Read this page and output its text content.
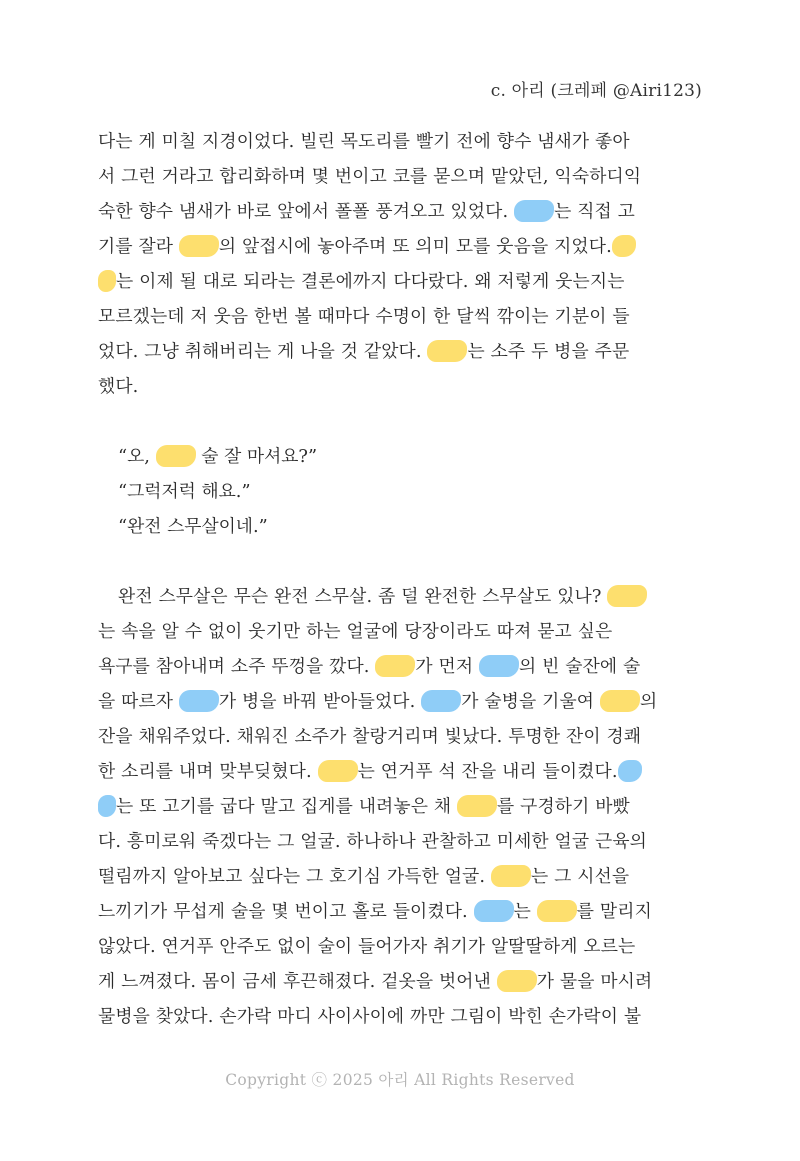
c. 아리 (크레페 @Airi123)
다는 게 미칠 지경이었다. 빌린 목도리를 빨기 전에 향수 냄새가 좋아
서 그런 거라고 합리화하며 몇 번이고 코를 묻으며 맡았던, 익숙하디익
숙한 향수 냄새가 바로 앞에서 폴폴 풍겨오고 있었다.	는 직접 고
기를 잘라	의 앞접시에 놓아주며 또 의미 모를 웃음을 지었다.
는 이제 될 대로 되라는 결론에까지 다다랐다. 왜 저렇게 웃는지는
모르겠는데 저 웃음 한번 볼 때마다 수명이 한 달씩 깎이는 기분이 들
었다. 그냥 취해버리는 게 나을 것 같았다.	는 소주 두 병을 주문
했다.
“오,	술 잘 마셔요?”
“그럭저럭 해요.”
“완전 스무살이네.”
완전 스무살은 무슨 완전 스무살. 좀 덜 완전한 스무살도 있나?
는 속을 알 수 없이 웃기만 하는 얼굴에 당장이라도 따져 묻고 싶은
욕구를 참아내며 소주 뚜껑을 깠다.	가 먼저	의 빈 술잔에 술
을 따르자	가 병을 바꿔 받아들었다.	가 술병을 기울여	의
잔을 채워주었다. 채워진 소주가 찰랑거리며 빛났다. 투명한 잔이 경쾌
한 소리를 내며 맞부딪혔다.	는 연거푸 석 잔을 내리 들이켰다.
는 또 고기를 굽다 말고 집게를 내려놓은 채	를 구경하기 바빴
다. 흥미로워 죽겠다는 그 얼굴. 하나하나 관찰하고 미세한 얼굴 근육의
떨림까지 알아보고 싶다는 그 호기심 가득한 얼굴.	는 그 시선을
느끼기가 무섭게 술을 몇 번이고 홀로 들이켰다.	는	를 말리지
않았다. 연거푸 안주도 없이 술이 들어가자 취기가 알딸딸하게 오르는
게 느껴졌다. 몸이 금세 후끈해졌다. 겉옷을 벗어낸	가 물을 마시려
물병을 찾았다. 손가락 마디 사이사이에 까만 그림이 박힌 손가락이 불
Copyright ⓒ 2025 아리 All Rights Reserved
